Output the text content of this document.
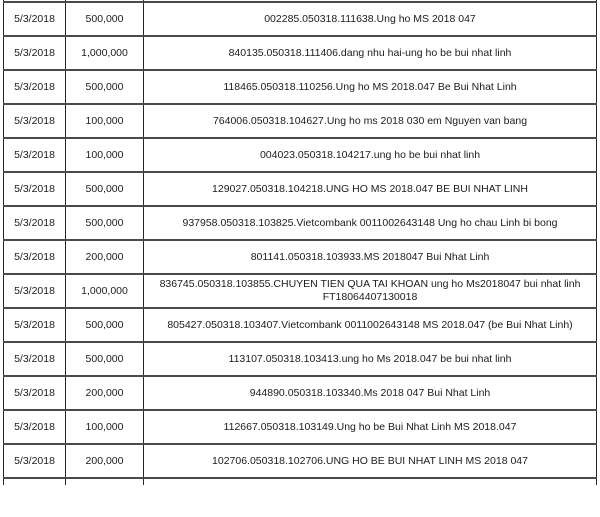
5/3/2018	500,000	002285.050318.111638.Ung ho MS 2018 047
5/3/2018	1,000,000	840135.050318.111406.dang nhu hai-ung ho be bui nhat linh
5/3/2018	500,000	118465.050318.110256.Ung ho MS 2018.047 Be Bui Nhat Linh
5/3/2018	100,000	764006.050318.104627.Ung ho ms 2018 030 em Nguyen van bang
5/3/2018	100,000	004023.050318.104217.ung ho be bui nhat linh
5/3/2018	500,000	129027.050318.104218.UNG HO MS 2018.047 BE BUI NHAT LINH
5/3/2018	500,000	937958.050318.103825.Vietcombank 0011002643148 Ung ho chau Linh bi bong
5/3/2018	200,000	801141.050318.103933.MS 2018047 Bui Nhat Linh
5/3/2018	1,000,000	836745.050318.103855.CHUYEN TIEN QUA TAI KHOAN ung ho Ms2018047 bui nhat linh FT18064407130018
5/3/2018	500,000	805427.050318.103407.Vietcombank 0011002643148 MS 2018.047 (be Bui Nhat Linh)
5/3/2018	500,000	113107.050318.103413.ung ho Ms 2018.047 be bui nhat linh
5/3/2018	200,000	944890.050318.103340.Ms 2018 047 Bui Nhat Linh
5/3/2018	100,000	112667.050318.103149.Ung ho be Bui Nhat Linh MS 2018.047
5/3/2018	200,000	102706.050318.102706.UNG HO BE BUI NHAT LINH MS 2018 047
